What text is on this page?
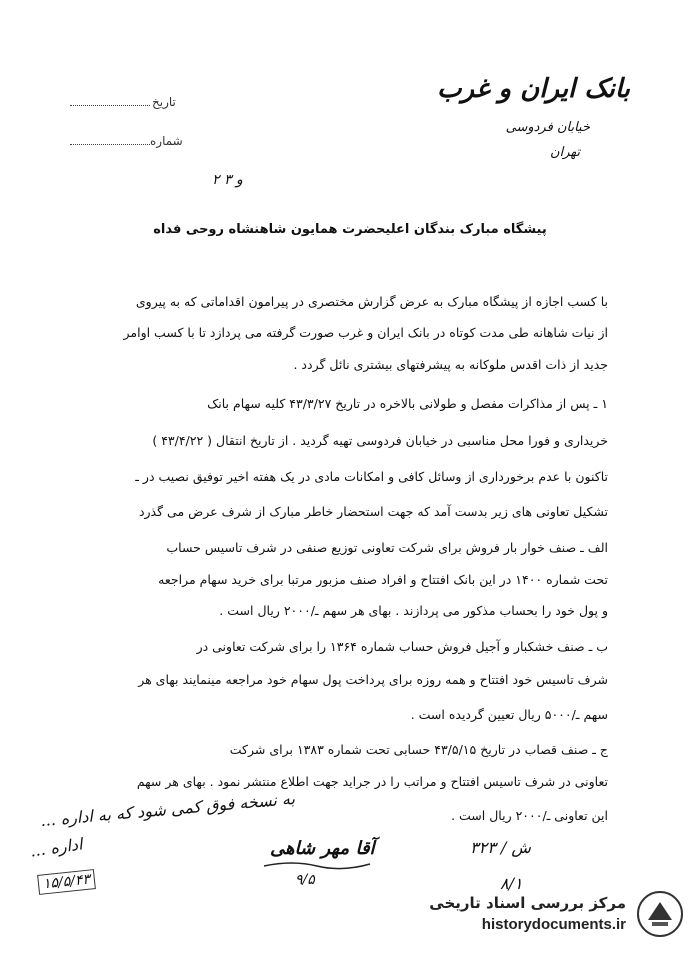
بانک ایران و غرب
خیابان فردوسی
تهران
تاریخ
شماره
۲ و ۳
پیشگاه مبارک بندگان اعلیحضرت همایون شاهنشاه روحی فداه
با کسب اجازه از پیشگاه مبارک به عرض گزارش مختصری در پیرامون اقداماتی که به پیروی
از نیات شاهانه طی مدت کوتاه در بانک ایران و غرب صورت گرفته می پردازد تا با کسب اوامر
جدید از ذات اقدس ملوکانه به پیشرفتهای بیشتری نائل گردد .
۱ ـ پس از مذاکرات مفصل و طولانی بالاخره در تاریخ ۴۳/۳/۲۷ کلیه سهام بانک
خریداری و فورا محل مناسبی در خیابان فردوسی تهیه گردید . از تاریخ انتقال ( ۴۳/۴/۲۲ )
تاکنون با عدم برخورداری از وسائل کافی و امکانات مادی در یک هفته اخیر توفیق نصیب در ـ
تشکیل تعاونی های زیر بدست آمد که جهت استحضار خاطر مبارک از شرف عرض می گذرد
الف ـ صنف خوار بار فروش برای شرکت تعاونی توزیع صنفی در شرف تاسیس حساب
تحت شماره ۱۴۰۰ در این بانک افتتاح و افراد صنف مزبور مرتبا برای خرید سهام مراجعه
و پول خود را بحساب مذکور می پردازند . بهای هر سهم ـ/۲۰۰۰ ریال است .
ب ـ صنف خشکبار و آجیل فروش حساب شماره ۱۳۶۴ را برای شرکت تعاونی در
شرف تاسیس خود افتتاح و همه روزه برای پرداخت پول سهام خود مراجعه مینمایند بهای هر
سهم ـ/۵۰۰۰ ریال تعیین گردیده است .
ج ـ صنف قصاب در تاریخ ۴۳/۵/۱۵ حسابی تحت شماره ۱۳۸۳ برای شرکت
تعاونی در شرف تاسیس افتتاح و مراتب را در جراید جهت اطلاع منتشر نمود . بهای هر سهم
این تعاونی ـ/۲۰۰۰ ریال است .
به نسخه فوق کمی شود که به اداره ...
اداره ...
۱۵/۵/۴۳
آقا مهر شاهی
۹/۵
۳۲۳ / ش
۸/۱
مرکز بررسی اسناد تاریخی
historydocuments.ir
